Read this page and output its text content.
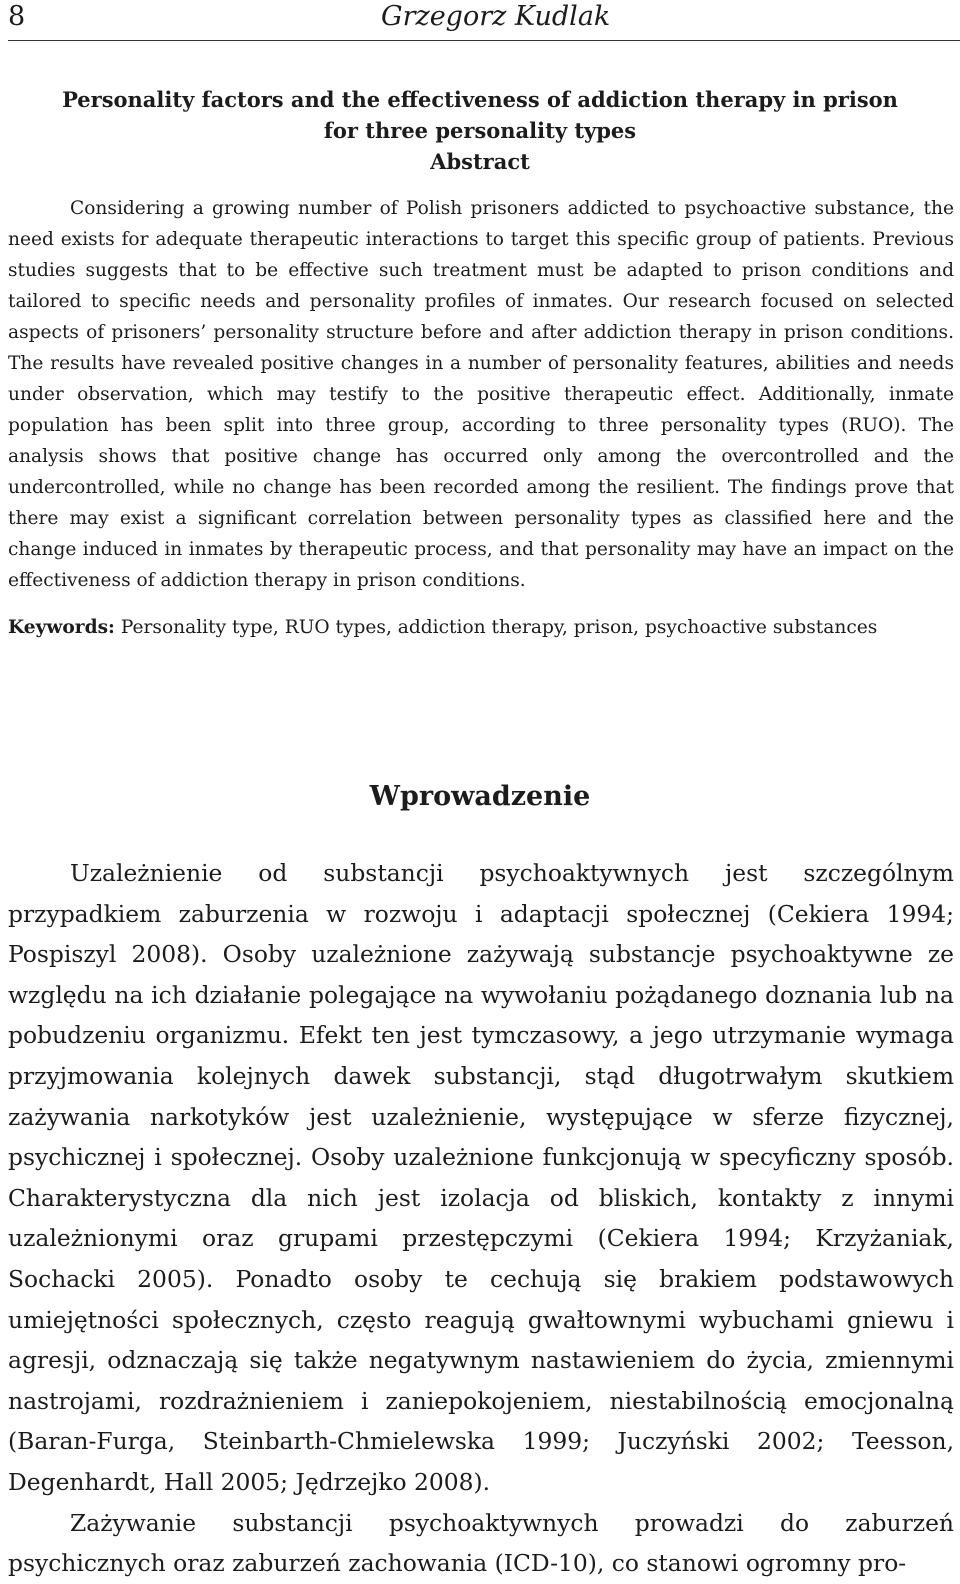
8	Grzegorz Kudlak
Personality factors and the effectiveness of addiction therapy in prison
for three personality types
Abstract
Considering a growing number of Polish prisoners addicted to psychoactive substance, the need exists for adequate therapeutic interactions to target this specific group of patients. Previous studies suggests that to be effective such treatment must be adapted to prison conditions and tailored to specific needs and personality profiles of inmates. Our research focused on selected aspects of prisoners’ personality structure before and after addiction therapy in prison conditions. The results have revealed positive changes in a number of personality features, abilities and needs under observation, which may testify to the positive therapeutic effect. Additionally, inmate population has been split into three group, according to three personality types (RUO). The analysis shows that positive change has occurred only among the overcontrolled and the undercontrolled, while no change has been recorded among the resilient. The findings prove that there may exist a significant correlation between personality types as classified here and the change induced in inmates by therapeutic process, and that personality may have an impact on the effectiveness of addiction therapy in prison conditions.
Keywords: Personality type, RUO types, addiction therapy, prison, psychoactive substances
Wprowadzenie

Uzależnienie od substancji psychoaktywnych jest szczególnym przypadkiem zaburzenia w rozwoju i adaptacji społecznej (Cekiera 1994; Pospiszyl 2008). Osoby uzależnione zażywają substancje psychoaktywne ze względu na ich działanie polegające na wywołaniu pożądanego doznania lub na pobudzeniu organizmu. Efekt ten jest tymczasowy, a jego utrzymanie wymaga przyjmowania kolejnych dawek substancji, stąd długotrwałym skutkiem zażywania narkotyków jest uzależnienie, występujące w sferze fizycznej, psychicznej i społecznej. Osoby uzależnione funkcjonują w specyficzny sposób. Charakterystyczna dla nich jest izolacja od bliskich, kontakty z innymi uzależnionymi oraz grupami przestępczymi (Cekiera 1994; Krzyżaniak, Sochacki 2005). Ponadto osoby te cechują się brakiem podstawowych umiejętności społecznych, często reagują gwałtownymi wybuchami gniewu i agresji, odznaczają się także negatywnym nastawieniem do życia, zmiennymi nastrojami, rozdrażnieniem i zaniepokojeniem, niestabilnością emocjonalną (Baran-Furga, Steinbarth-Chmielewska 1999; Juczyński 2002; Teesson, Degenhardt, Hall 2005; Jędrzejko 2008).

Zażywanie substancji psychoaktywnych prowadzi do zaburzeń psychicznych oraz zaburzeń zachowania (ICD-10), co stanowi ogromny pro-
